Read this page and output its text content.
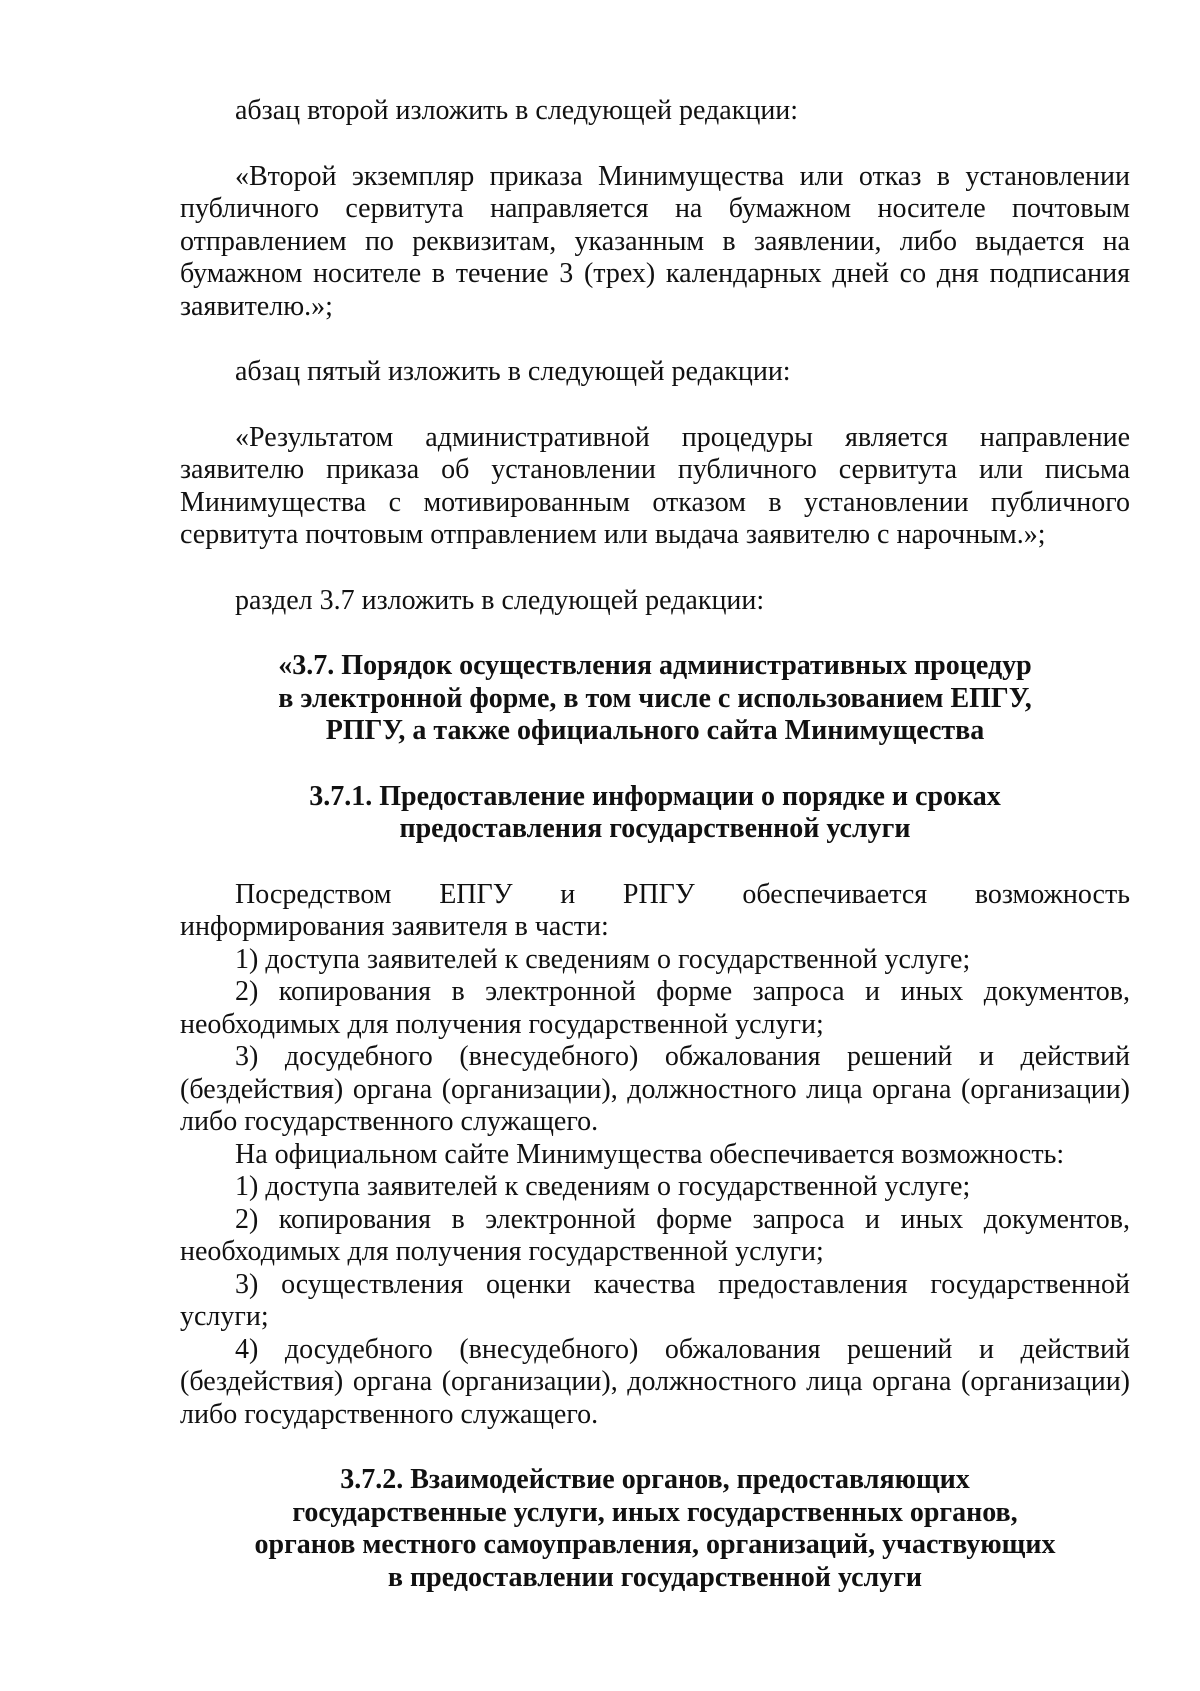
абзац второй изложить в следующей редакции:

«Второй экземпляр приказа Минимущества или отказ в установлении публичного сервитута направляется на бумажном носителе почтовым отправлением по реквизитам, указанным в заявлении, либо выдается на бумажном носителе в течение 3 (трех) календарных дней со дня подписания заявителю.»;

абзац пятый изложить в следующей редакции:

«Результатом административной процедуры является направление заявителю приказа об установлении публичного сервитута или письма Минимущества с мотивированным отказом в установлении публичного сервитута почтовым отправлением или выдача заявителю с нарочным.»;

раздел 3.7 изложить в следующей редакции:

«3.7. Порядок осуществления административных процедур
в электронной форме, в том числе с использованием ЕПГУ,
РПГУ, а также официального сайта Минимущества
3.7.1. Предоставление информации о порядке и сроках
предоставления государственной услуги

Посредством ЕПГУ и РПГУ обеспечивается возможность информирования заявителя в части:

1) доступа заявителей к сведениям о государственной услуге;

2) копирования в электронной форме запроса и иных документов, необходимых для получения государственной услуги;

3) досудебного (внесудебного) обжалования решений и действий (бездействия) органа (организации), должностного лица органа (организации) либо государственного служащего.

На официальном сайте Минимущества обеспечивается возможность:

1) доступа заявителей к сведениям о государственной услуге;

2) копирования в электронной форме запроса и иных документов, необходимых для получения государственной услуги;

3) осуществления оценки качества предоставления государственной услуги;

4) досудебного (внесудебного) обжалования решений и действий (бездействия) органа (организации), должностного лица органа (организации) либо государственного служащего.

3.7.2. Взаимодействие органов, предоставляющих
государственные услуги, иных государственных органов,
органов местного самоуправления, организаций, участвующих
в предоставлении государственной услуги
